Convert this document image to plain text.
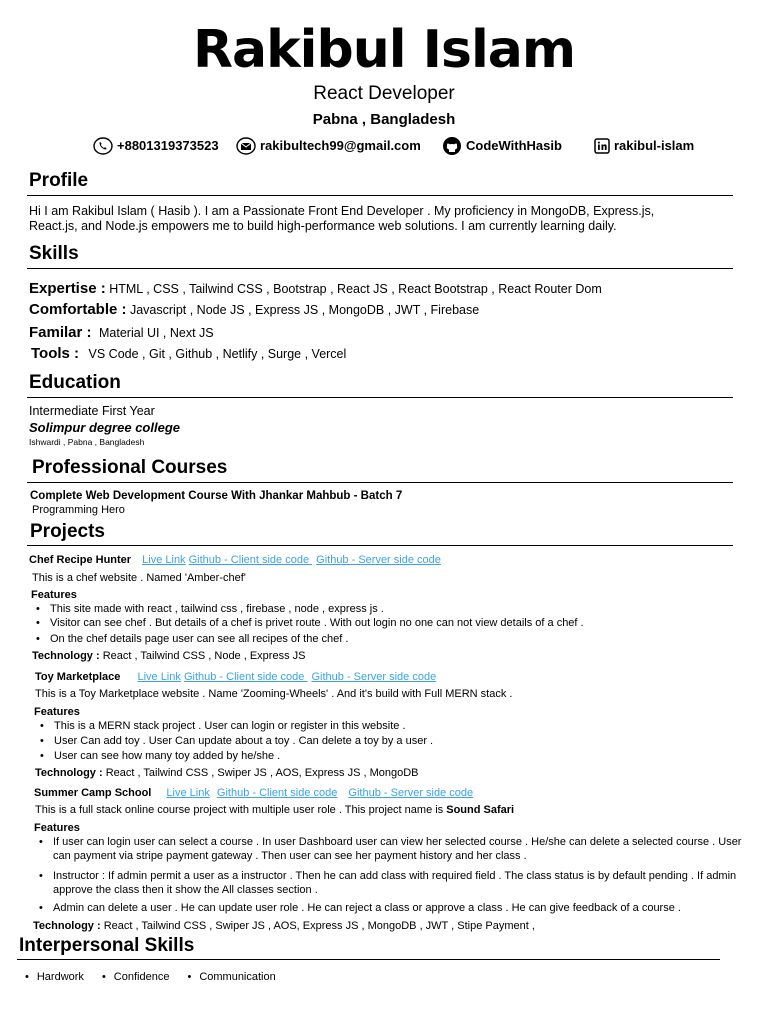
Rakibul Islam
React Developer
Pabna , Bangladesh
+8801319373523	rakibultech99@gmail.com	CodeWithHasib	rakibul-islam
Profile
Hi I am Rakibul Islam ( Hasib ). I am a Passionate Front End Developer . My proficiency in MongoDB, Express.js,
React.js, and Node.js empowers me to build high-performance web solutions. I am currently learning daily.
Skills
Expertise : HTML , CSS , Tailwind CSS , Bootstrap , React JS , React Bootstrap , React Router Dom
Comfortable : Javascript , Node JS , Express JS , MongoDB , JWT , Firebase
Familar : Material UI , Next JS
Tools : VS Code , Git , Github , Netlify , Surge , Vercel
Education
Intermediate First Year
Solimpur degree college
Ishwardi , Pabna , Bangladesh
Professional Courses
Complete Web Development Course With Jhankar Mahbub - Batch 7
Programming Hero
Projects
Chef Recipe Hunter Live Link Github - Client side code Github - Server side code
This is a chef website . Named 'Amber-chef'
Features
• This site made with react , tailwind css , firebase , node , express js .
• Visitor can see chef . But details of a chef is privet route . With out login no one can not view details of a chef .
• On the chef details page user can see all recipes of the chef .
Technology : React , Tailwind CSS , Node , Express JS
Toy Marketplace Live Link Github - Client side code Github - Server side code
This is a Toy Marketplace website . Name 'Zooming-Wheels' . And it's build with Full MERN stack .
Features
• This is a MERN stack project . User can login or register in this website .
• User Can add toy . User Can update about a toy . Can delete a toy by a user .
• User can see how many toy added by he/she .
Technology : React , Tailwind CSS , Swiper JS , AOS, Express JS , MongoDB
Summer Camp School Live Link Github - Client side code Github - Server side code
This is a full stack online course project with multiple user role . This project name is Sound Safari
Features
• If user can login user can select a course . In user Dashboard user can view her selected course . He/she can delete a selected course . User can payment via stripe payment gateway . Then user can see her payment history and her class .
• Instructor : If admin permit a user as a instructor . Then he can add class with required field . The class status is by default pending . If admin approve the class then it show the All classes section .
• Admin can delete a user . He can update user role . He can reject a class or approve a class . He can give feedback of a course .
Technology : React , Tailwind CSS , Swiper JS , AOS, Express JS , MongoDB , JWT , Stipe Payment ,
Interpersonal Skills
• Hardwork • Confidence • Communication
